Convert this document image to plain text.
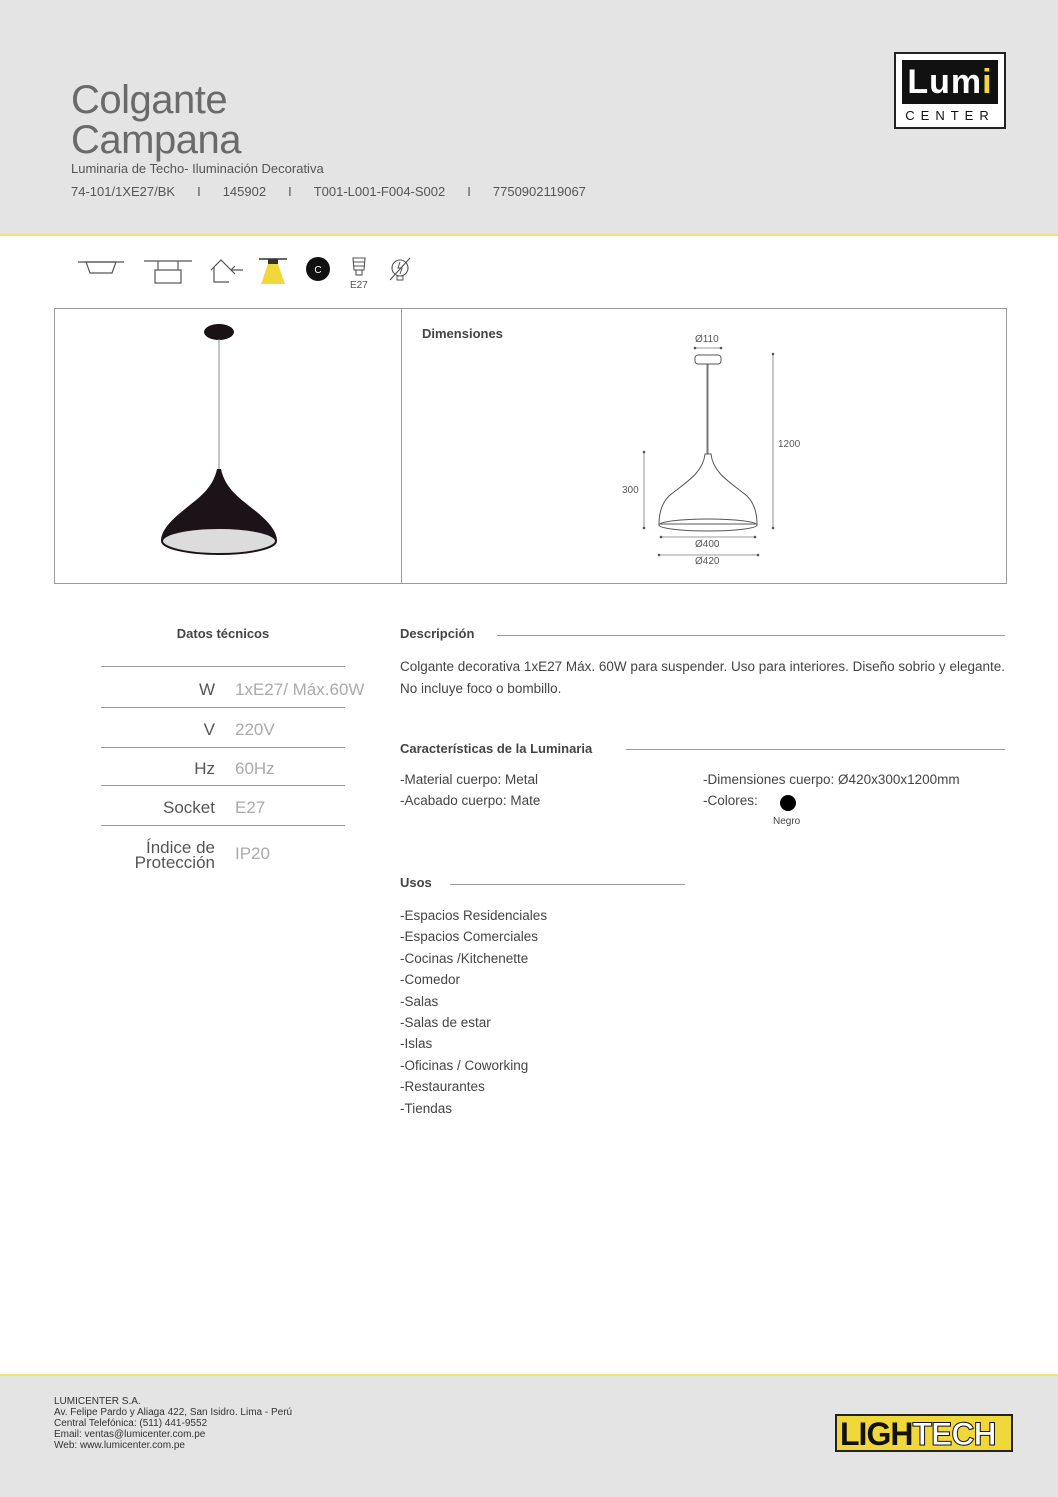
Colgante
Campana
Luminaria de Techo- Iluminación Decorativa
74-101/1XE27/BK I 145902 I T001-L001-F004-S002 I 7750902119067
Lumi
CENTER
C
E27
Dimensiones	Ø110
1200
300
Ø400
Ø420
Datos técnicos
W 1xE27/ Máx.60W
V 220V
Hz 60Hz
Socket E27
Índice de
Protección IP20
Descripción
Colgante decorativa 1xE27 Máx. 60W para suspender. Uso para interiores. Diseño sobrio y elegante. No incluye foco o bombillo.
Características de la Luminaria
-Material cuerpo: Metal
-Acabado cuerpo: Mate
-Dimensiones cuerpo: Ø420x300x1200mm
-Colores:
Negro
Usos
-Espacios Residenciales
-Espacios Comerciales
-Cocinas /Kitchenette
-Comedor
-Salas
-Salas de estar
-Islas
-Oficinas / Coworking
-Restaurantes
-Tiendas
LUMICENTER S.A.
Av. Felipe Pardo y Aliaga 422, San Isidro. Lima - Perú
Central Telefónica: (511) 441-9552
Email: ventas@lumicenter.com.pe
Web: www.lumicenter.com.pe	LIGHTECH
